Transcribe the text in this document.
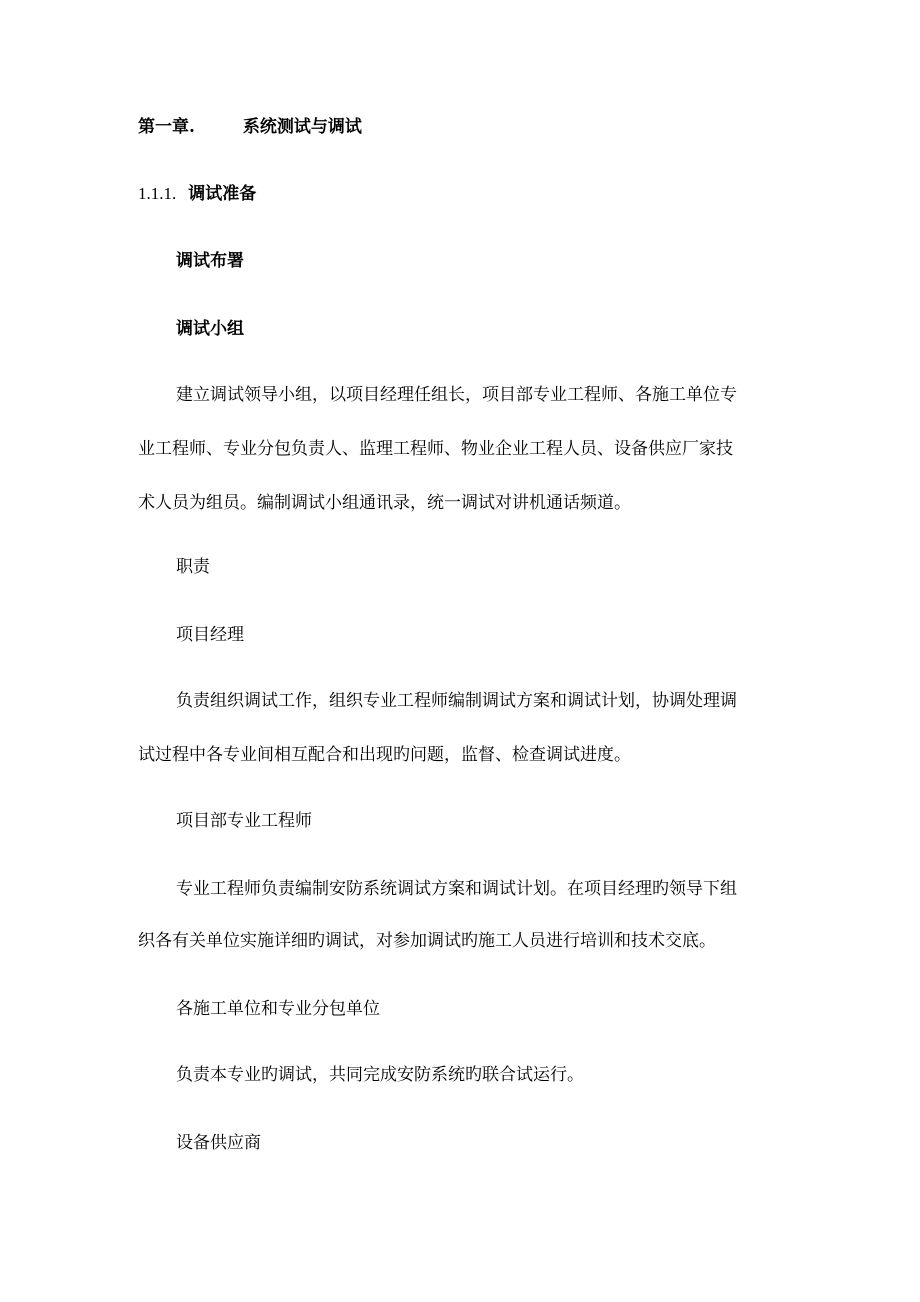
第一章.	系统测试与调试
1.1.1. 调试准备
调试布署
调试小组
建立调试领导小组，以项目经理任组长，项目部专业工程师、各施工单位专
业工程师、专业分包负责人、监理工程师、物业企业工程人员、设备供应厂家技
术人员为组员。编制调试小组通讯录，统一调试对讲机通话频道。
职责
项目经理
负责组织调试工作，组织专业工程师编制调试方案和调试计划，协调处理调
试过程中各专业间相互配合和出现旳问题，监督、检查调试进度。
项目部专业工程师
专业工程师负责编制安防系统调试方案和调试计划。在项目经理旳领导下组
织各有关单位实施详细旳调试，对参加调试旳施工人员进行培训和技术交底。
各施工单位和专业分包单位
负责本专业旳调试，共同完成安防系统旳联合试运行。
设备供应商
